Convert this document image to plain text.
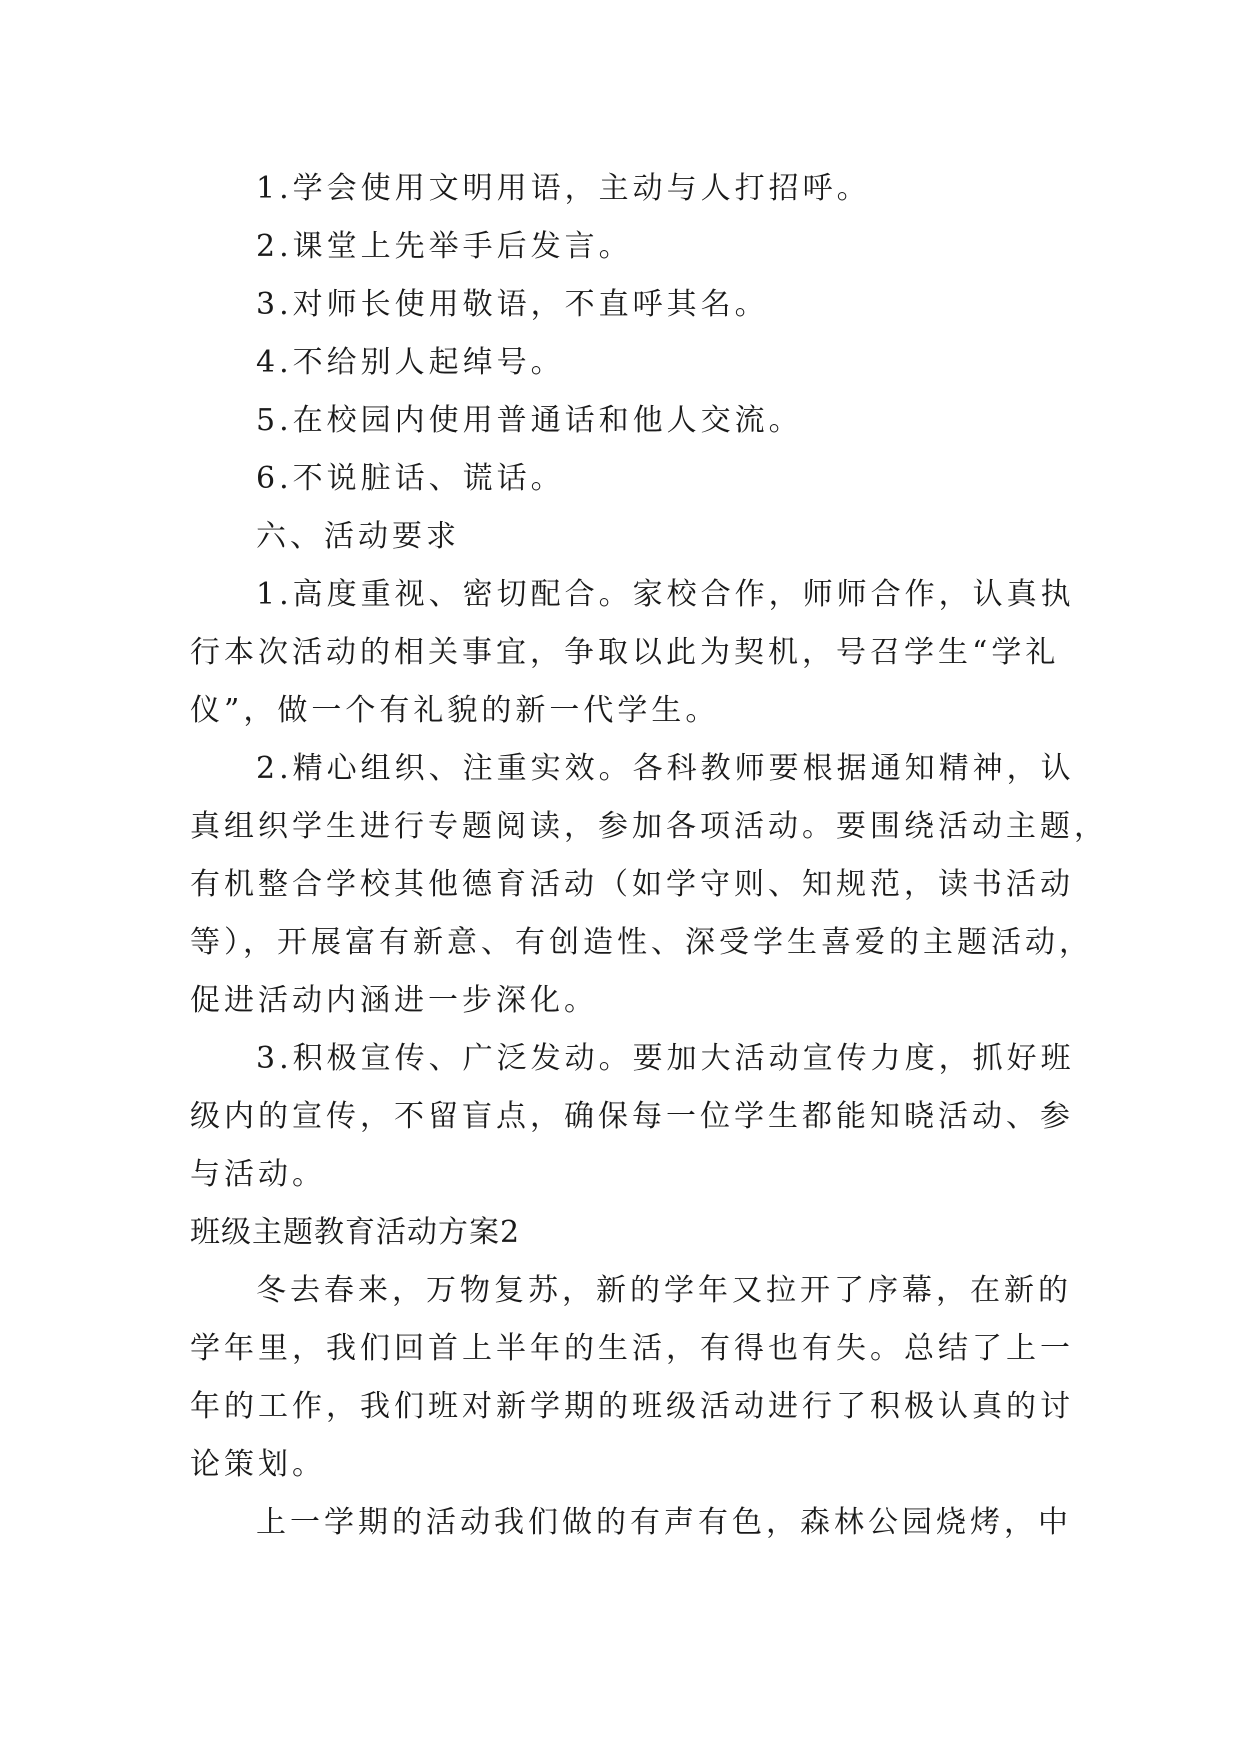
1.学会使用文明用语，主动与人打招呼。
2.课堂上先举手后发言。
3.对师长使用敬语，不直呼其名。
4.不给别人起绰号。
5.在校园内使用普通话和他人交流。
6.不说脏话、谎话。
六、活动要求
1.高度重视、密切配合。家校合作，师师合作，认真执
行本次活动的相关事宜，争取以此为契机，号召学生“学礼
仪”，做一个有礼貌的新一代学生。
2.精心组织、注重实效。各科教师要根据通知精神，认
真组织学生进行专题阅读，参加各项活动。要围绕活动主题，
有机整合学校其他德育活动（如学守则、知规范，读书活动
等），开展富有新意、有创造性、深受学生喜爱的主题活动，
促进活动内涵进一步深化。
3.积极宣传、广泛发动。要加大活动宣传力度，抓好班
级内的宣传，不留盲点，确保每一位学生都能知晓活动、参
与活动。
班级主题教育活动方案2
冬去春来，万物复苏，新的学年又拉开了序幕，在新的
学年里，我们回首上半年的生活，有得也有失。总结了上一
年的工作，我们班对新学期的班级活动进行了积极认真的讨
论策划。
上一学期的活动我们做的有声有色，森林公园烧烤，中
